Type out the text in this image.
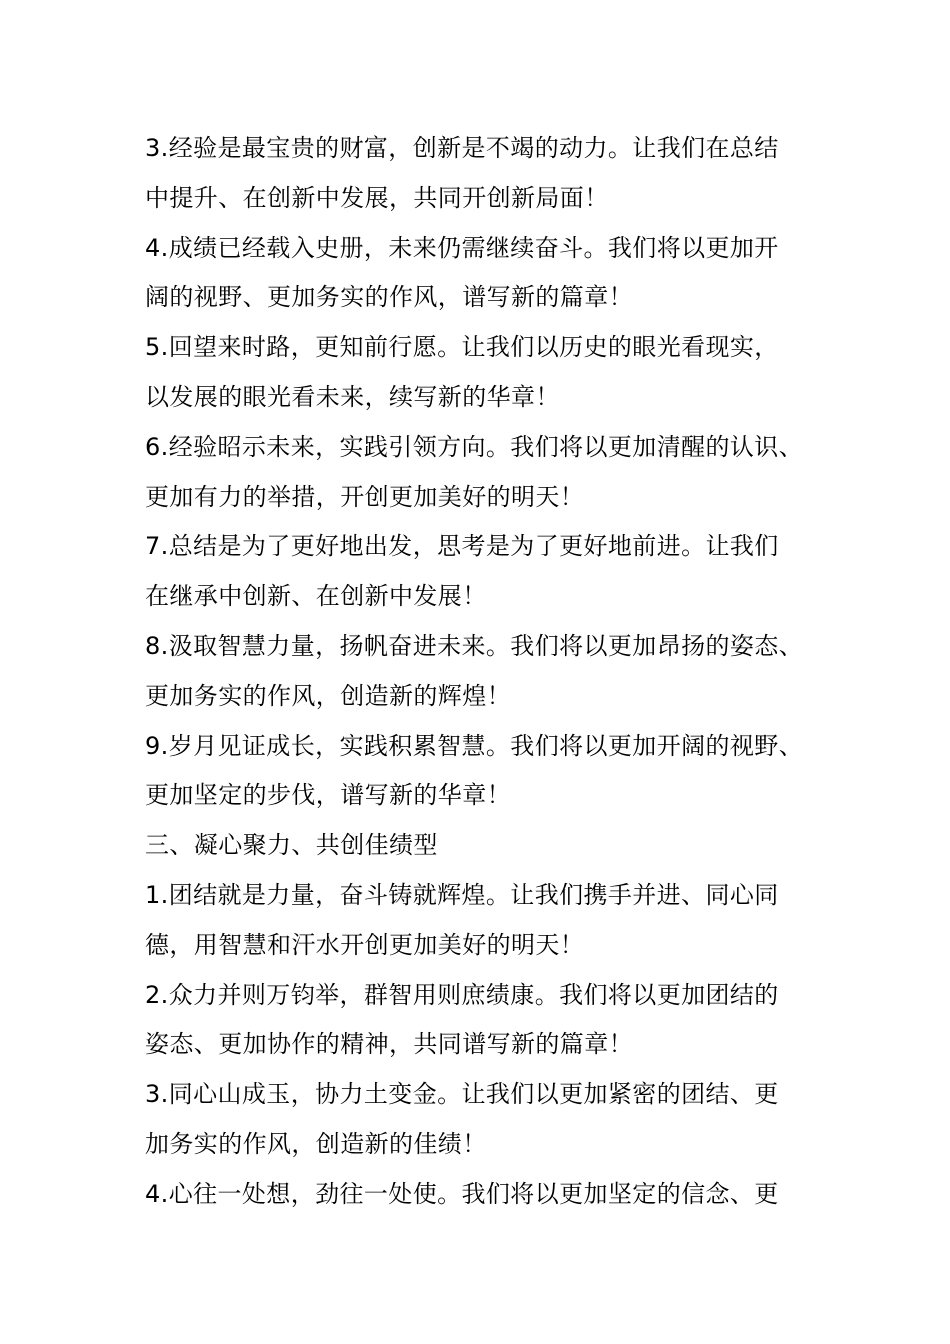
3.经验是最宝贵的财富，创新是不竭的动力。让我们在总结
中提升、在创新中发展，共同开创新局面！
4.成绩已经载入史册，未来仍需继续奋斗。我们将以更加开
阔的视野、更加务实的作风，谱写新的篇章！
5.回望来时路，更知前行愿。让我们以历史的眼光看现实，
以发展的眼光看未来，续写新的华章！
6.经验昭示未来，实践引领方向。我们将以更加清醒的认识、
更加有力的举措，开创更加美好的明天！
7.总结是为了更好地出发，思考是为了更好地前进。让我们
在继承中创新、在创新中发展！
8.汲取智慧力量，扬帆奋进未来。我们将以更加昂扬的姿态、
更加务实的作风，创造新的辉煌！
9.岁月见证成长，实践积累智慧。我们将以更加开阔的视野、
更加坚定的步伐，谱写新的华章！
三、凝心聚力、共创佳绩型
1.团结就是力量，奋斗铸就辉煌。让我们携手并进、同心同
德，用智慧和汗水开创更加美好的明天！
2.众力并则万钧举，群智用则庶绩康。我们将以更加团结的
姿态、更加协作的精神，共同谱写新的篇章！
3.同心山成玉，协力土变金。让我们以更加紧密的团结、更
加务实的作风，创造新的佳绩！
4.心往一处想，劲往一处使。我们将以更加坚定的信念、更
